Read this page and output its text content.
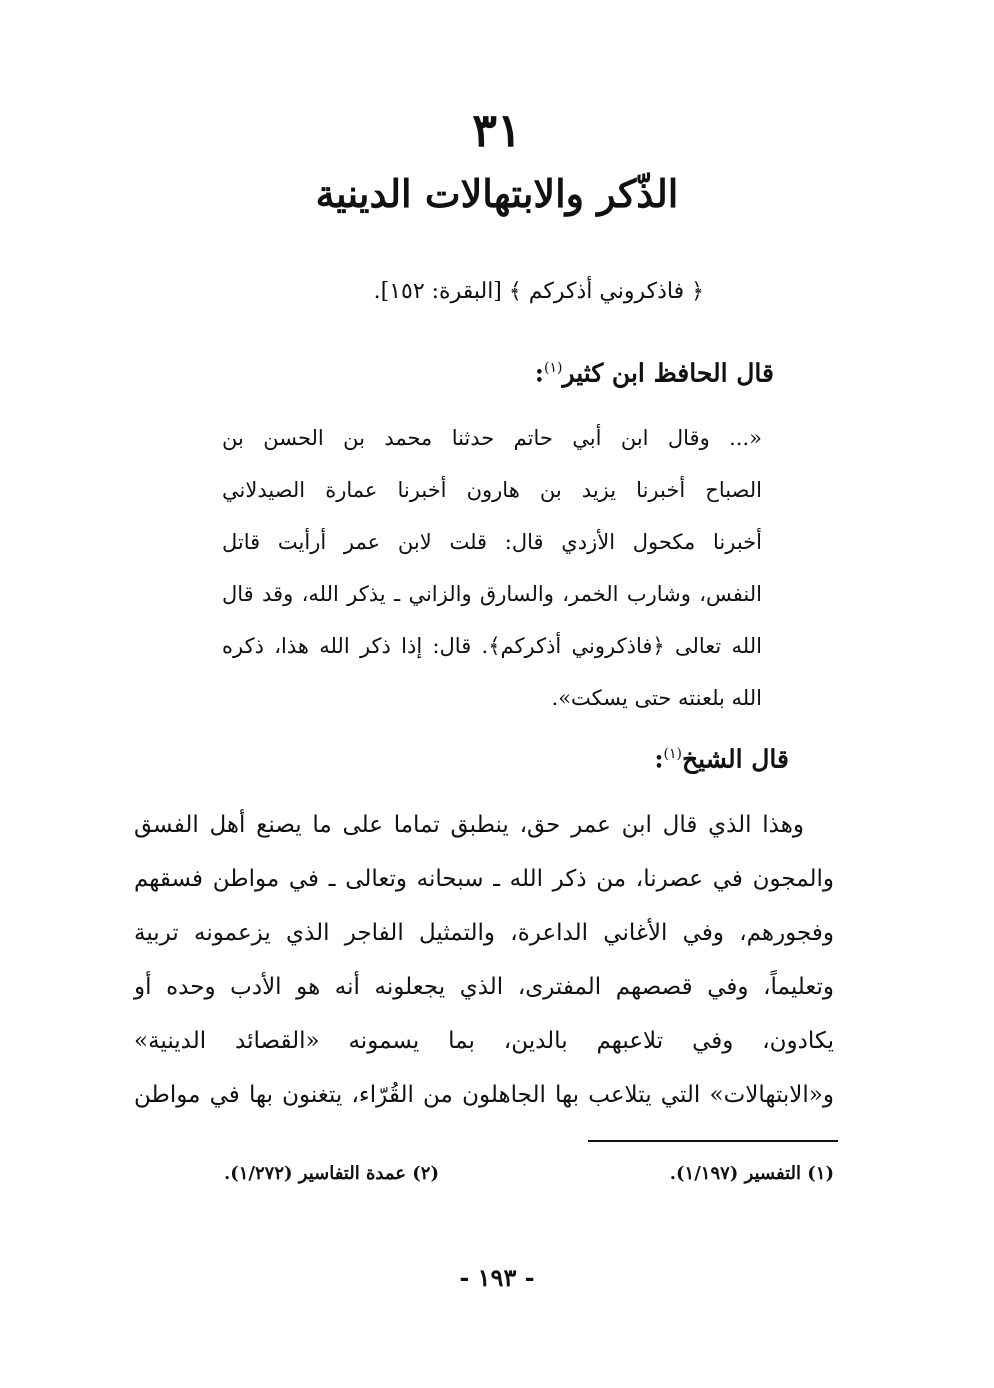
٣١
الذّكر والابتهالات الدينية
﴿ فاذكروني أذكركم ﴾ [البقرة: ١٥٢].
قال الحافظ ابن كثير$^{(١)}$:
«... وقال ابن أبي حاتم حدثنا محمد بن الحسن بن
الصباح أخبرنا يزيد بن هارون أخبرنا عمارة الصيدلاني
أخبرنا مكحول الأزدي قال: قلت لابن عمر أرأيت قاتل
النفس، وشارب الخمر، والسارق والزاني ـ يذكر الله، وقد قال
الله تعالى ﴿فاذكروني أذكركم﴾. قال: إذا ذكر الله هذا، ذكره
الله بلعنته حتى يسكت».
قال الشيخ$^{(١)}$:
وهذا الذي قال ابن عمر حق، ينطبق تماما على ما يصنع أهل الفسق
والمجون في عصرنا، من ذكر الله ـ سبحانه وتعالى ـ في مواطن فسقهم
وفجورهم، وفي الأغاني الداعرة، والتمثيل الفاجر الذي يزعمونه تربية
وتعليماً، وفي قصصهم المفترى، الذي يجعلونه أنه هو الأدب وحده أو
يكادون، وفي تلاعبهم بالدين، بما يسمونه «القصائد الدينية»
و«الابتهالات» التي يتلاعب بها الجاهلون من القُرّاء، يتغنون بها في مواطن
(١) التفسير (١/١٩٧).
(٢) عمدة التفاسير (١/٢٧٢).
- ١٩٣ -
